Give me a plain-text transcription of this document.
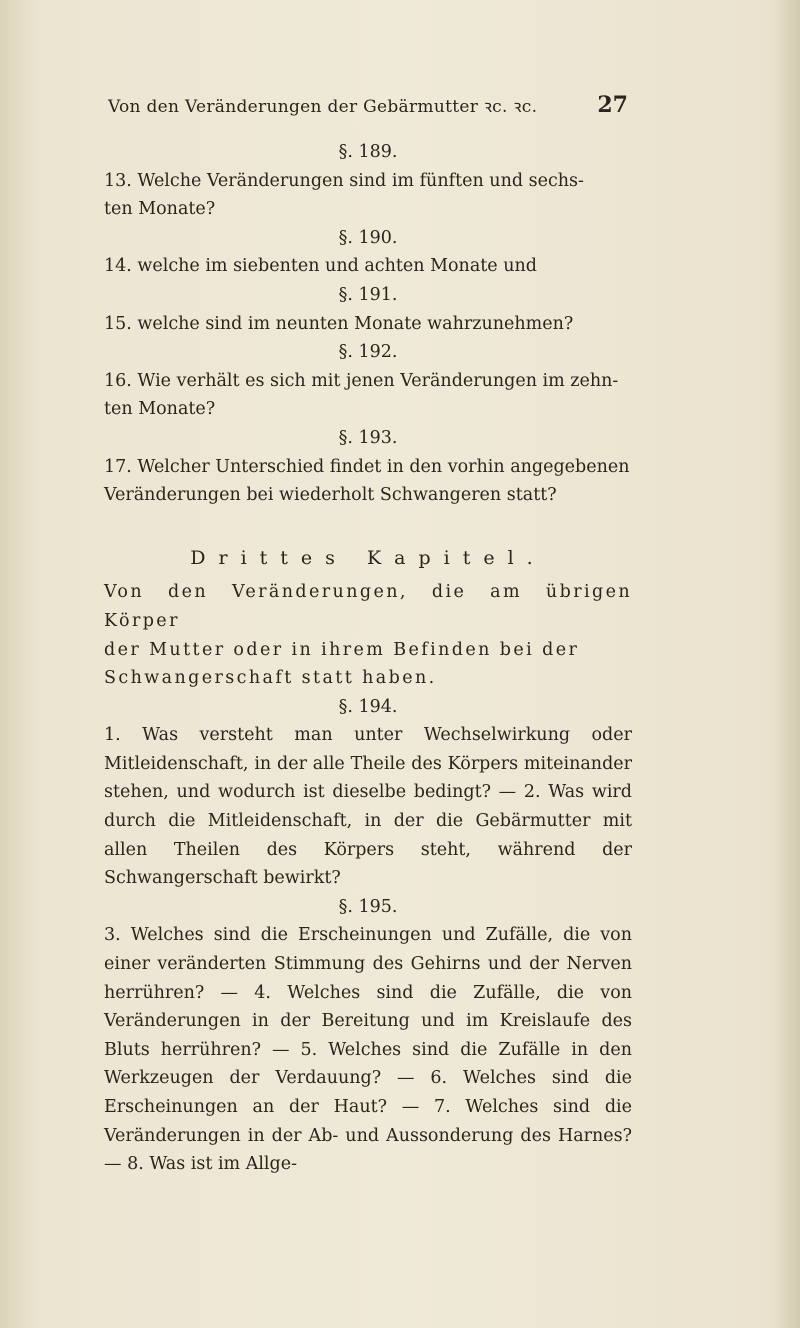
Von den Veränderungen der Gebärmutter ꝛc. ꝛc.	27

§. 189.

13. Welche Veränderungen sind im fünften und sechs-

ten Monate?

§. 190.

14. welche im siebenten und achten Monate und

§. 191.

15. welche sind im neunten Monate wahrzunehmen?

§. 192.

16. Wie verhält es sich mit jenen Veränderungen im zehn-

ten Monate?

§. 193.

17. Welcher Unterschied findet in den vorhin angegebenen

Veränderungen bei wiederholt Schwangeren statt?

Drittes Kapitel.

Von den Veränderungen, die am übrigen Körper

der Mutter oder in ihrem Befinden bei der

Schwangerschaft statt haben.

§. 194.

1. Was versteht man unter Wechselwirkung oder Mitleidenschaft, in der alle Theile des Körpers miteinander stehen, und wodurch ist dieselbe bedingt? — 2. Was wird durch die Mitleidenschaft, in der die Gebärmutter mit allen Theilen des Körpers steht, während der Schwangerschaft bewirkt?

§. 195.

3. Welches sind die Erscheinungen und Zufälle, die von einer veränderten Stimmung des Gehirns und der Nerven herrühren? — 4. Welches sind die Zufälle, die von Veränderungen in der Bereitung und im Kreislaufe des Bluts herrühren? — 5. Welches sind die Zufälle in den Werkzeugen der Verdauung? — 6. Welches sind die Erscheinungen an der Haut? — 7. Welches sind die Veränderungen in der Ab- und Aussonderung des Harnes? — 8. Was ist im Allge-
